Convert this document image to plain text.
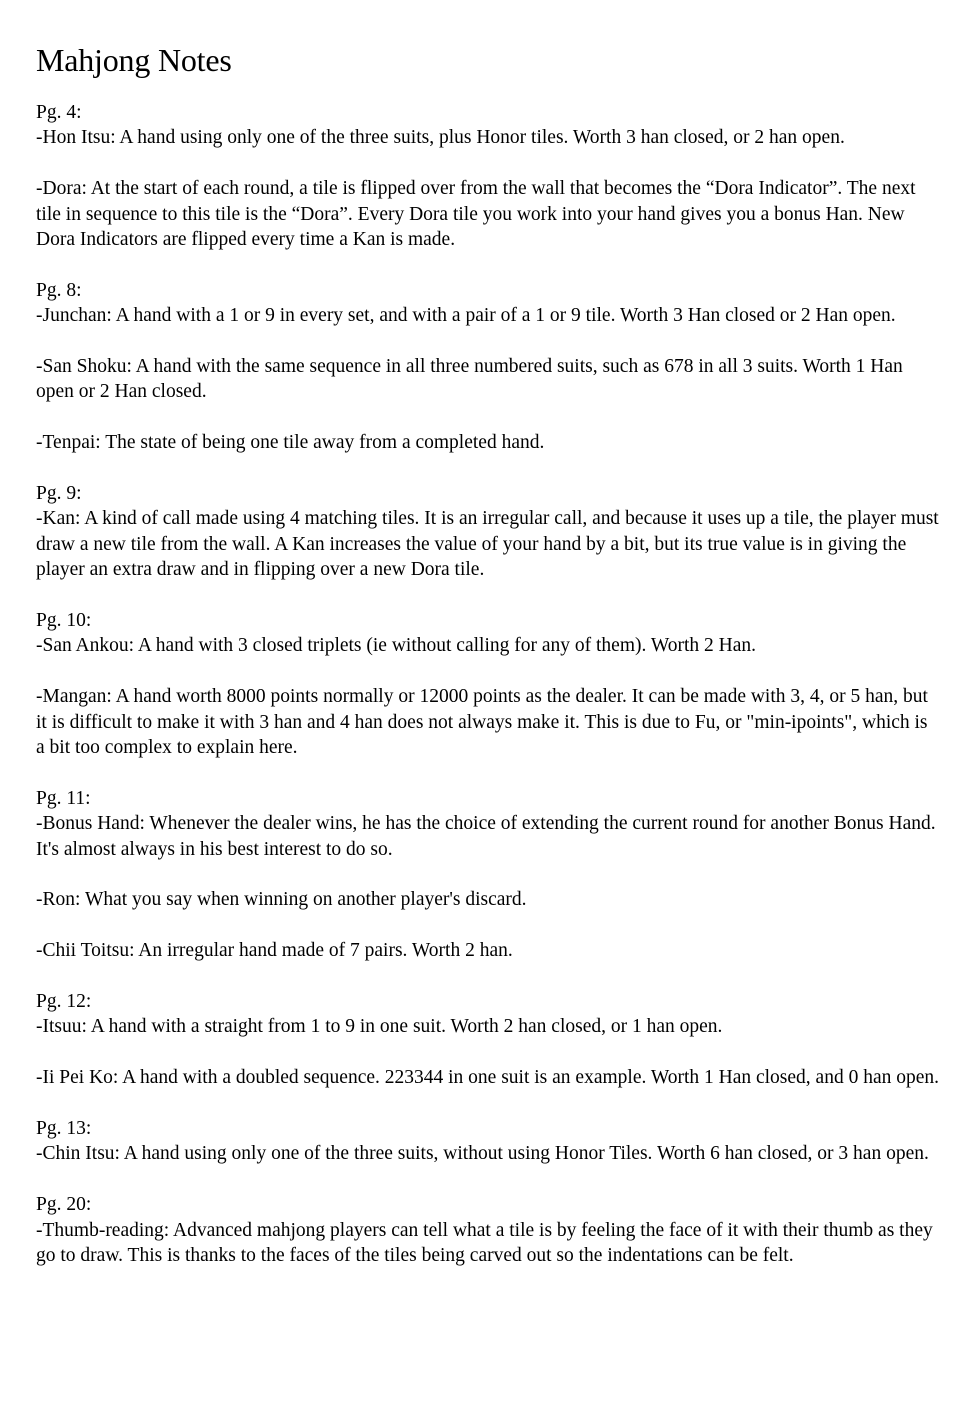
Mahjong Notes

Pg. 4:

-Hon Itsu: A hand using only one of the three suits, plus Honor tiles. Worth 3 han closed, or 2 han open.

-Dora: At the start of each round, a tile is flipped over from the wall that becomes the “Dora Indicator”. The next tile in sequence to this tile is the “Dora”. Every Dora tile you work into your hand gives you a bonus Han. New Dora Indicators are flipped every time a Kan is made.

Pg. 8:

-Junchan: A hand with a 1 or 9 in every set, and with a pair of a 1 or 9 tile. Worth 3 Han closed or 2 Han open.

-San Shoku: A hand with the same sequence in all three numbered suits, such as 678 in all 3 suits. Worth 1 Han open or 2 Han closed.

-Tenpai: The state of being one tile away from a completed hand.

Pg. 9:

-Kan: A kind of call made using 4 matching tiles. It is an irregular call, and because it uses up a tile, the player must draw a new tile from the wall. A Kan increases the value of your hand by a bit, but its true value is in giving the player an extra draw and in flipping over a new Dora tile.

Pg. 10:

-San Ankou: A hand with 3 closed triplets (ie without calling for any of them). Worth 2 Han.

-Mangan: A hand worth 8000 points normally or 12000 points as the dealer. It can be made with 3, 4, or 5 han, but it is difficult to make it with 3 han and 4 han does not always make it. This is due to Fu, or "min-ipoints", which is a bit too complex to explain here.

Pg. 11:

-Bonus Hand: Whenever the dealer wins, he has the choice of extending the current round for another Bonus Hand. It's almost always in his best interest to do so.

-Ron: What you say when winning on another player's discard.

-Chii Toitsu: An irregular hand made of 7 pairs. Worth 2 han.

Pg. 12:

-Itsuu: A hand with a straight from 1 to 9 in one suit. Worth 2 han closed, or 1 han open.

-Ii Pei Ko: A hand with a doubled sequence. 223344 in one suit is an example. Worth 1 Han closed, and 0 han open.

Pg. 13:

-Chin Itsu: A hand using only one of the three suits, without using Honor Tiles. Worth 6 han closed, or 3 han open.

Pg. 20:

-Thumb-reading: Advanced mahjong players can tell what a tile is by feeling the face of it with their thumb as they go to draw. This is thanks to the faces of the tiles being carved out so the indentations can be felt.
